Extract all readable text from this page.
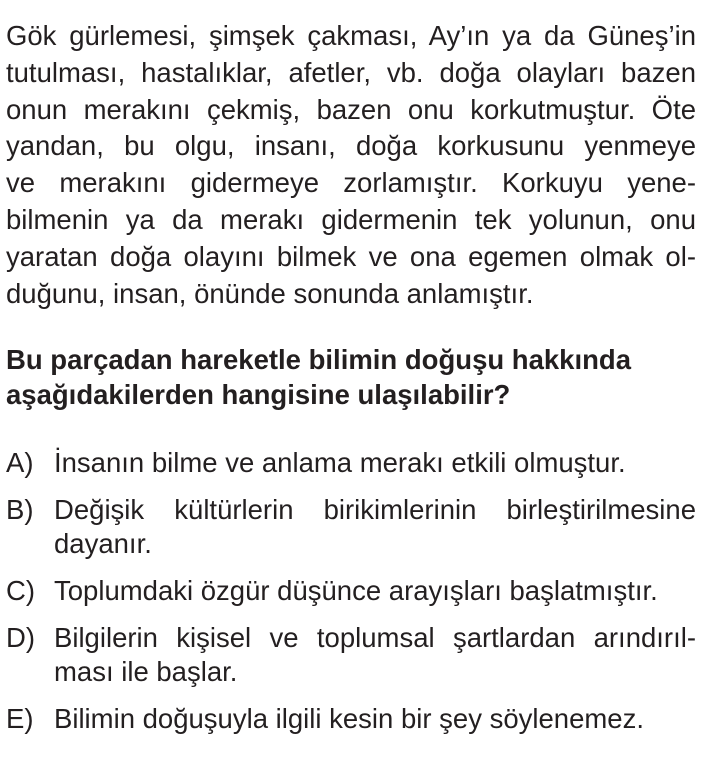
Gök gürlemesi, şimşek çakması, Ay’ın ya da Güneş’in
tutulması, hastalıklar, afetler, vb. doğa olayları bazen
onun merakını çekmiş, bazen onu korkutmuştur. Öte
yandan, bu olgu, insanı, doğa korkusunu yenmeye
ve merakını gidermeye zorlamıştır. Korkuyu yene-
bilmenin ya da merakı gidermenin tek yolunun, onu
yaratan doğa olayını bilmek ve ona egemen olmak ol-
duğunu, insan, önünde sonunda anlamıştır.
Bu parçadan hareketle bilimin doğuşu hakkında
aşağıdakilerden hangisine ulaşılabilir?
A) İnsanın bilme ve anlama merakı etkili olmuştur.
B) Değişik kültürlerin birikimlerinin birleştirilmesine
dayanır.
C) Toplumdaki özgür düşünce arayışları başlatmıştır.
D) Bilgilerin kişisel ve toplumsal şartlardan arındırıl-
ması ile başlar.
E) Bilimin doğuşuyla ilgili kesin bir şey söylenemez.
